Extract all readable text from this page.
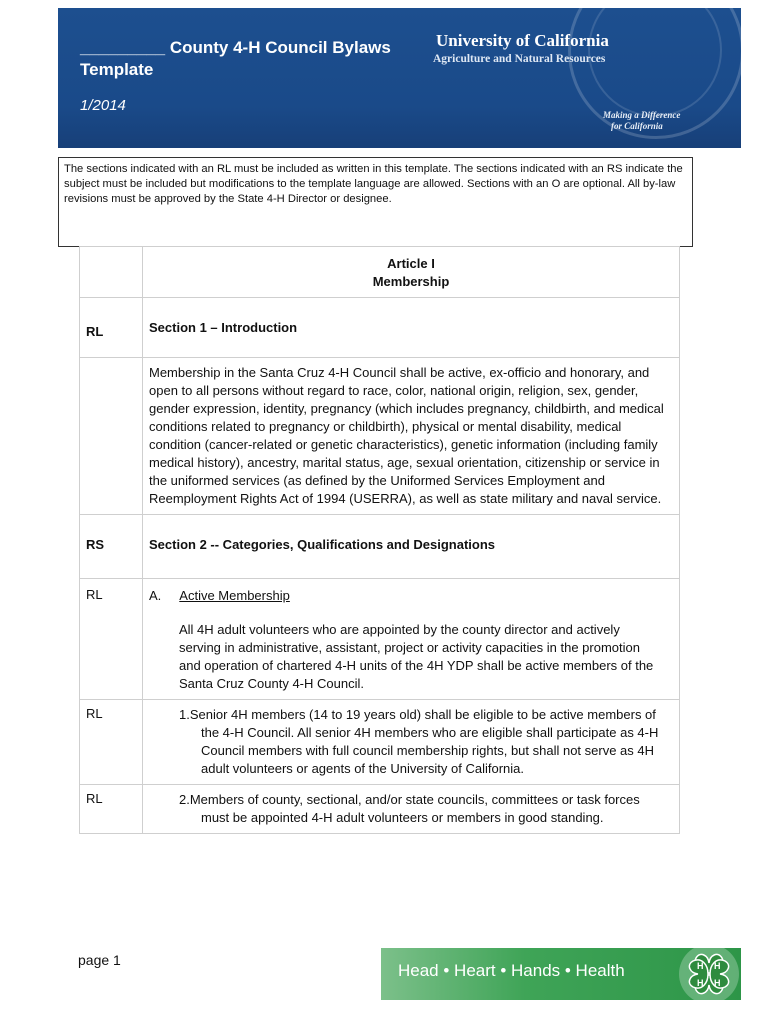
_________ County 4-H Council Bylaws
Template
1/2014
University of California
Agriculture and Natural Resources
Making a Difference
for California
The sections indicated with an RL must be included as written in this template. The sections indicated with an RS indicate the subject must be included but modifications to the template language are allowed. Sections with an O are optional. All by-law revisions must be approved by the State 4-H Director or designee.

	Article I
Membership

RL	Section 1 – Introduction
	Membership in the Santa Cruz 4-H Council shall be active, ex-officio and honorary, and open to all persons without regard to race, color, national origin, religion, sex, gender, gender expression, identity, pregnancy (which includes pregnancy, childbirth, and medical conditions related to pregnancy or childbirth), physical or mental disability, medical condition (cancer-related or genetic characteristics), genetic information (including family medical history), ancestry, marital status, age, sexual orientation, citizenship or service in the uniformed services (as defined by the Uniformed Services Employment and Reemployment Rights Act of 1994 (USERRA), as well as state military and naval service.
RS	Section 2 -- Categories, Qualifications and Designations
RL	A. Active Membership
All 4H adult volunteers who are appointed by the county director and actively serving in administrative, assistant, project or activity capacities in the promotion and operation of chartered 4-H units of the 4H YDP shall be active members of the Santa Cruz County 4-H Council.

RL	1.Senior 4H members (14 to 19 years old) shall be eligible to be active members of the 4-H Council. All senior 4H members who are eligible shall participate as 4-H Council members with full council membership rights, but shall not serve as 4H adult volunteers or agents of the University of California.

RL	2.Members of county, sectional, and/or state councils, committees or task forces must be appointed 4-H adult volunteers or members in good standing.
page 1
Head • Heart • Hands • Health	H H
H H
